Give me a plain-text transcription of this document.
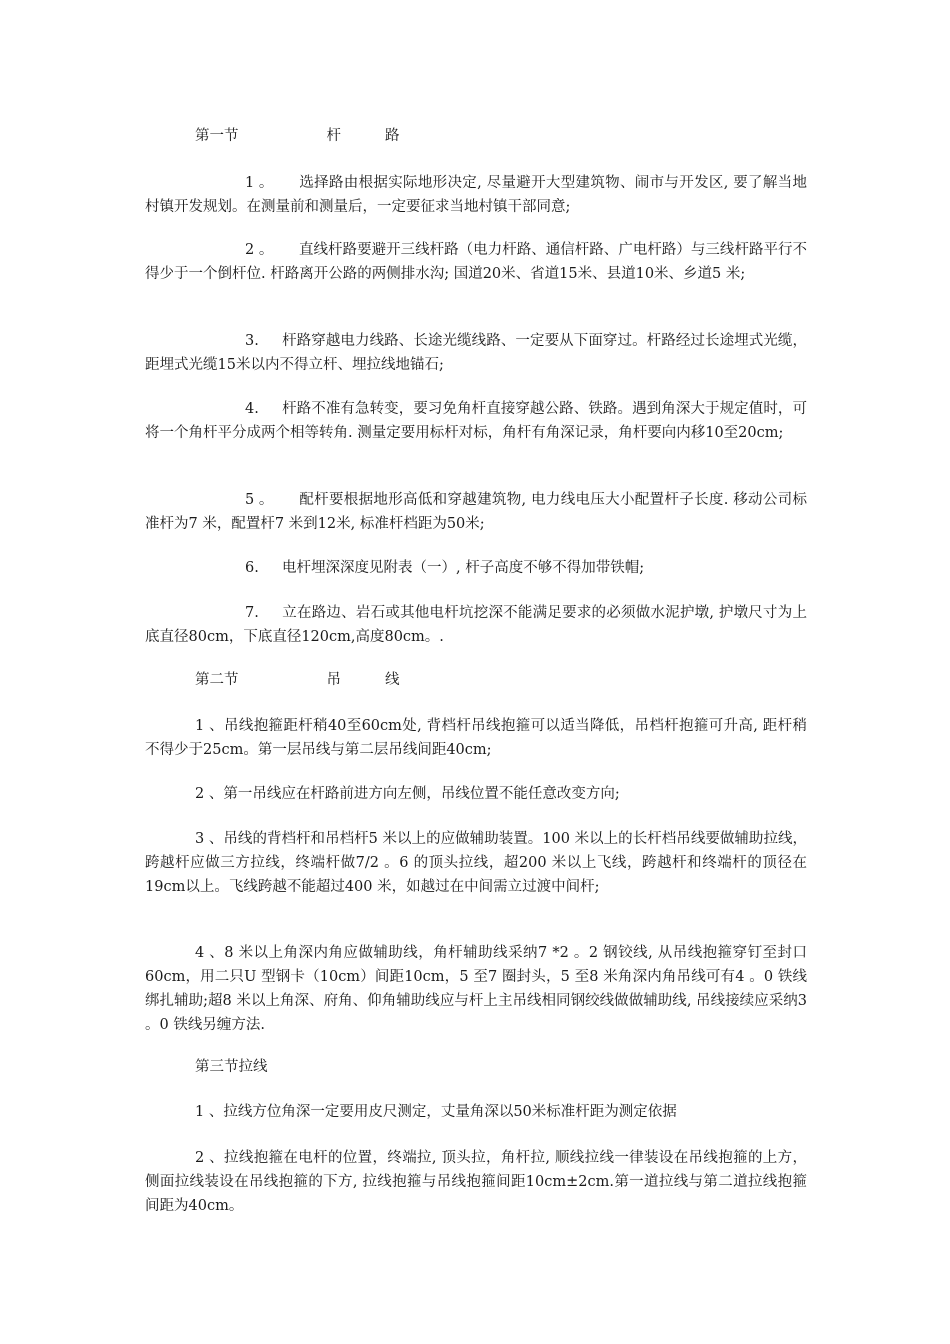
第一节	杆	路

1 。 选择路由根据实际地形决定, 尽量避开大型建筑物、闹市与开发区, 要了解当地村镇开发规划。在测量前和测量后，一定要征求当地村镇干部同意;

2 。 直线杆路要避开三线杆路（电力杆路、通信杆路、广电杆路）与三线杆路平行不得少于一个倒杆位. 杆路离开公路的两侧排水沟; 国道20米、省道15米、县道10米、乡道5 米;

3. 杆路穿越电力线路、长途光缆线路、一定要从下面穿过。杆路经过长途埋式光缆，距埋式光缆15米以内不得立杆、埋拉线地锚石;

4. 杆路不准有急转变，要习免角杆直接穿越公路、铁路。遇到角深大于规定值时，可将一个角杆平分成两个相等转角. 测量定要用标杆对标，角杆有角深记录，角杆要向内移10至20cm;

5 。 配杆要根据地形高低和穿越建筑物, 电力线电压大小配置杆子长度. 移动公司标准杆为7 米，配置杆7 米到12米, 标准杆档距为50米;

6. 电杆埋深深度见附表（一）, 杆子高度不够不得加带铁帽;

7. 立在路边、岩石或其他电杆坑挖深不能满足要求的必须做水泥护墩, 护墩尺寸为上底直径80cm，下底直径120cm,高度80cm。.

第二节	吊	线

1 、吊线抱箍距杆稍40至60cm处, 背档杆吊线抱箍可以适当降低，吊档杆抱箍可升高, 距杆稍不得少于25cm。第一层吊线与第二层吊线间距40cm;

2 、第一吊线应在杆路前进方向左侧，吊线位置不能任意改变方向;

3 、吊线的背档杆和吊档杆5 米以上的应做辅助装置。100 米以上的长杆档吊线要做辅助拉线，跨越杆应做三方拉线，终端杆做7/2 。6 的顶头拉线，超200 米以上飞线，跨越杆和终端杆的顶径在19cm以上。飞线跨越不能超过400 米，如越过在中间需立过渡中间杆;

4 、8 米以上角深内角应做辅助线，角杆辅助线采纳7 *2 。2 钢铰线, 从吊线抱箍穿钉至封口60cm，用二只U 型钢卡（10cm）间距10cm，5 至7 圈封头，5 至8 米角深内角吊线可有4 。0 铁线绑扎辅助;超8 米以上角深、府角、仰角辅助线应与杆上主吊线相同钢绞线做做辅助线, 吊线接续应采纳3 。0 铁线另缠方法.

第三节拉线

1 、拉线方位角深一定要用皮尺测定，丈量角深以50米标准杆距为测定依据

2 、拉线抱箍在电杆的位置，终端拉, 顶头拉，角杆拉, 顺线拉线一律装设在吊线抱箍的上方，侧面拉线装设在吊线抱箍的下方, 拉线抱箍与吊线抱箍间距10cm±2cm.第一道拉线与第二道拉线抱箍间距为40cm。
